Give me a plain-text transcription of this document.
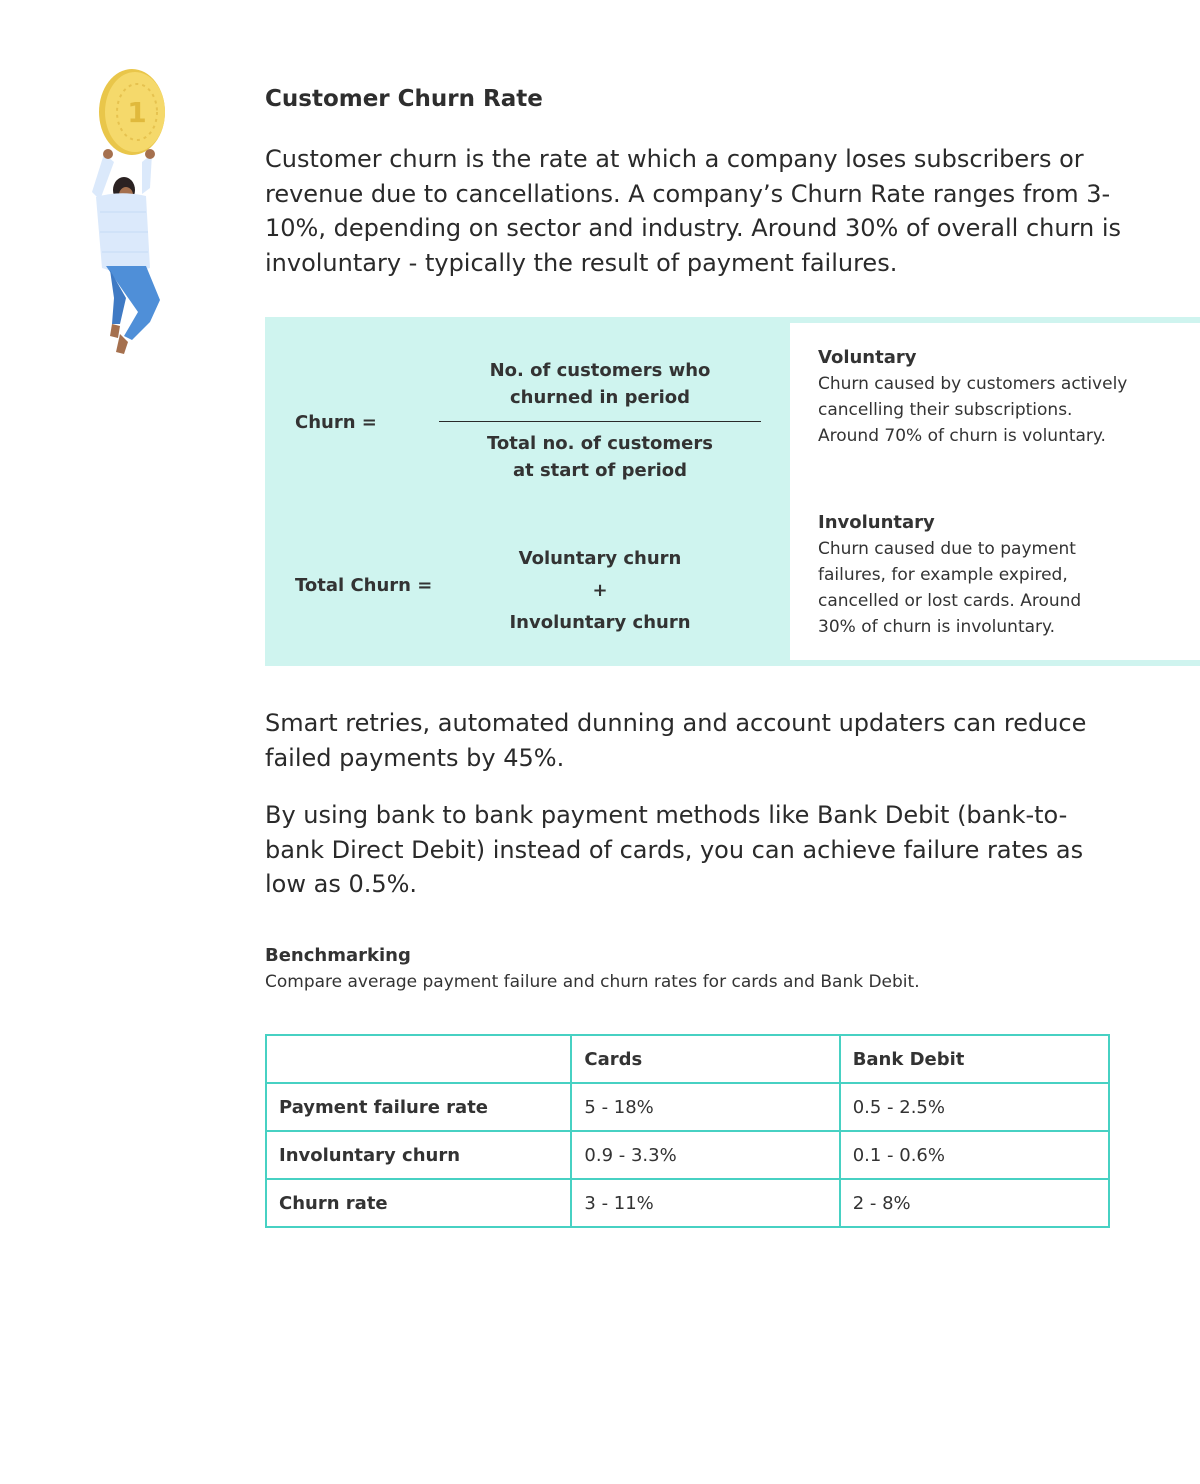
1	Customer Churn Rate
Customer churn is the rate at which a company loses subscribers or revenue due to cancellations. A company’s Churn Rate ranges from 3-10%, depending on sector and industry. Around 30% of overall churn is involuntary - typically the result of payment failures.
Churn =
No. of customers who
churned in period
Total no. of customers
at start of period
Total Churn =
Voluntary churn
+
Involuntary churn
Voluntary
Churn caused by customers actively cancelling their subscriptions. Around 70% of churn is voluntary.
Involuntary
Churn caused due to payment failures, for example expired, cancelled or lost cards. Around 30% of churn is involuntary.
Smart retries, automated dunning and account updaters can reduce failed payments by 45%.
By using bank to bank payment methods like Bank Debit (bank-to-bank Direct Debit) instead of cards, you can achieve failure rates as low as 0.5%.
Benchmarking
Compare average payment failure and churn rates for cards and Bank Debit.
	Cards	Bank Debit
Payment failure rate	5 - 18%	0.5 - 2.5%
Involuntary churn	0.9 - 3.3%	0.1 - 0.6%
Churn rate	3 - 11%	2 - 8%
